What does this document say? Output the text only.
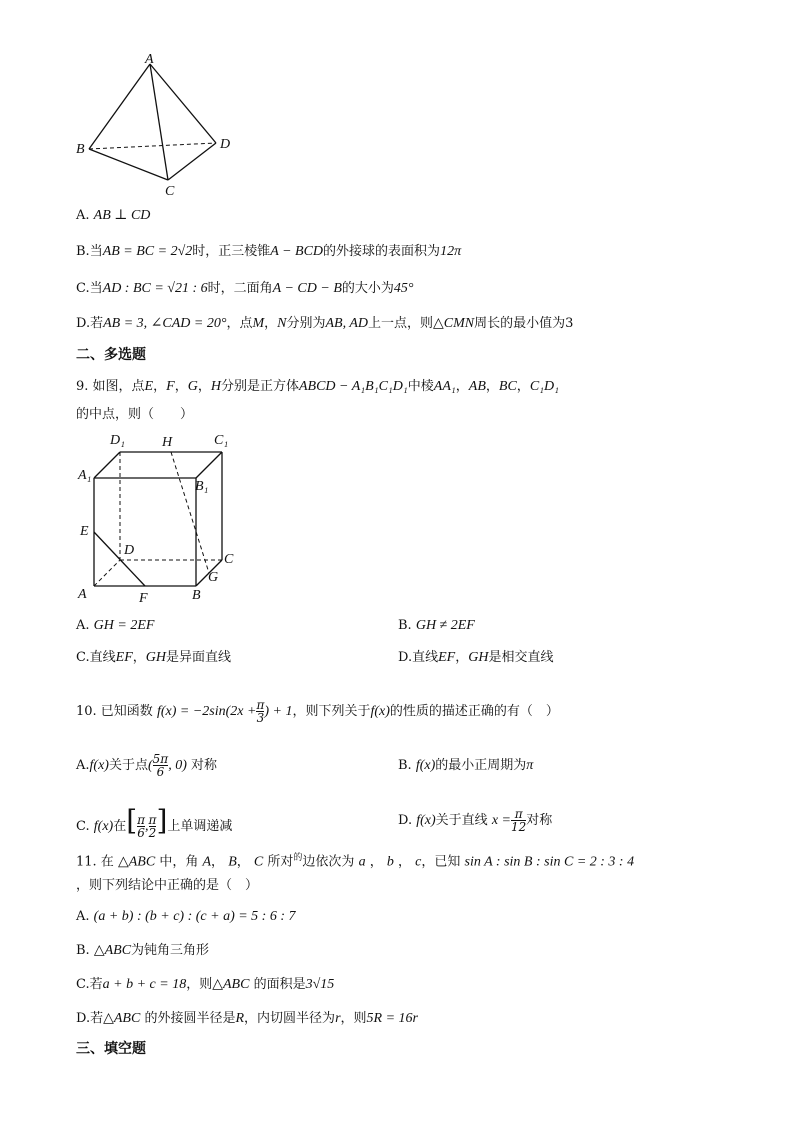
A
B
C
D
A. AB ⊥ CD
B.当AB = BC = 2√2时，正三棱锥A − BCD的外接球的表面积为12π
C.当AD : BC = √21 : 6时，二面角A − CD − B的大小为45°
D.若AB = 3, ∠CAD = 20°，点M，N分别为AB, AD上一点，则△CMN周长的最小值为3
二、多选题
9. 如图，点E，F，G，H分别是正方体ABCD − A₁B₁C₁D₁中棱AA₁，AB，BC，C₁D₁
的中点，则（　　）
D₁	H	C₁
A₁
B₁
E
D
C
G
A	F	B
A. GH = 2EF	B. GH ≠ 2EF
C.直线EF，GH是异面直线	D.直线EF，GH是相交直线
10. 已知函数 $f(x) = -2\sin(2x + \frac{\pi}{3}$ ) + 1，则下列关于f(x)的性质的描述正确的有（　）
A.f(x)关于点( $\frac{5\pi}{6}$ , 0) 对称	B. f(x)的最小正周期为π
C. f(x)在[ $\frac{\pi}{6}$ , $\frac{\pi}{2}$ ]上单调递减	D. f(x)关于直线 $x = \frac{\pi}{12}$ 对称
11. 在 △ABC 中，角 A， B， C 所对$^的$边依次为 a ， b ， c，已知 sin A : sin B : sin C = 2 : 3 : 4
，则下列结论中正确的是（　）
A. (a + b) : (b + c) : (c + a) = 5 : 6 : 7
B. △ABC为钝角三角形
C.若a + b + c = 18，则△ABC 的面积是3√15
D.若△ABC 的外接圆半径是R，内切圆半径为r，则5R = 16r
三、填空题
